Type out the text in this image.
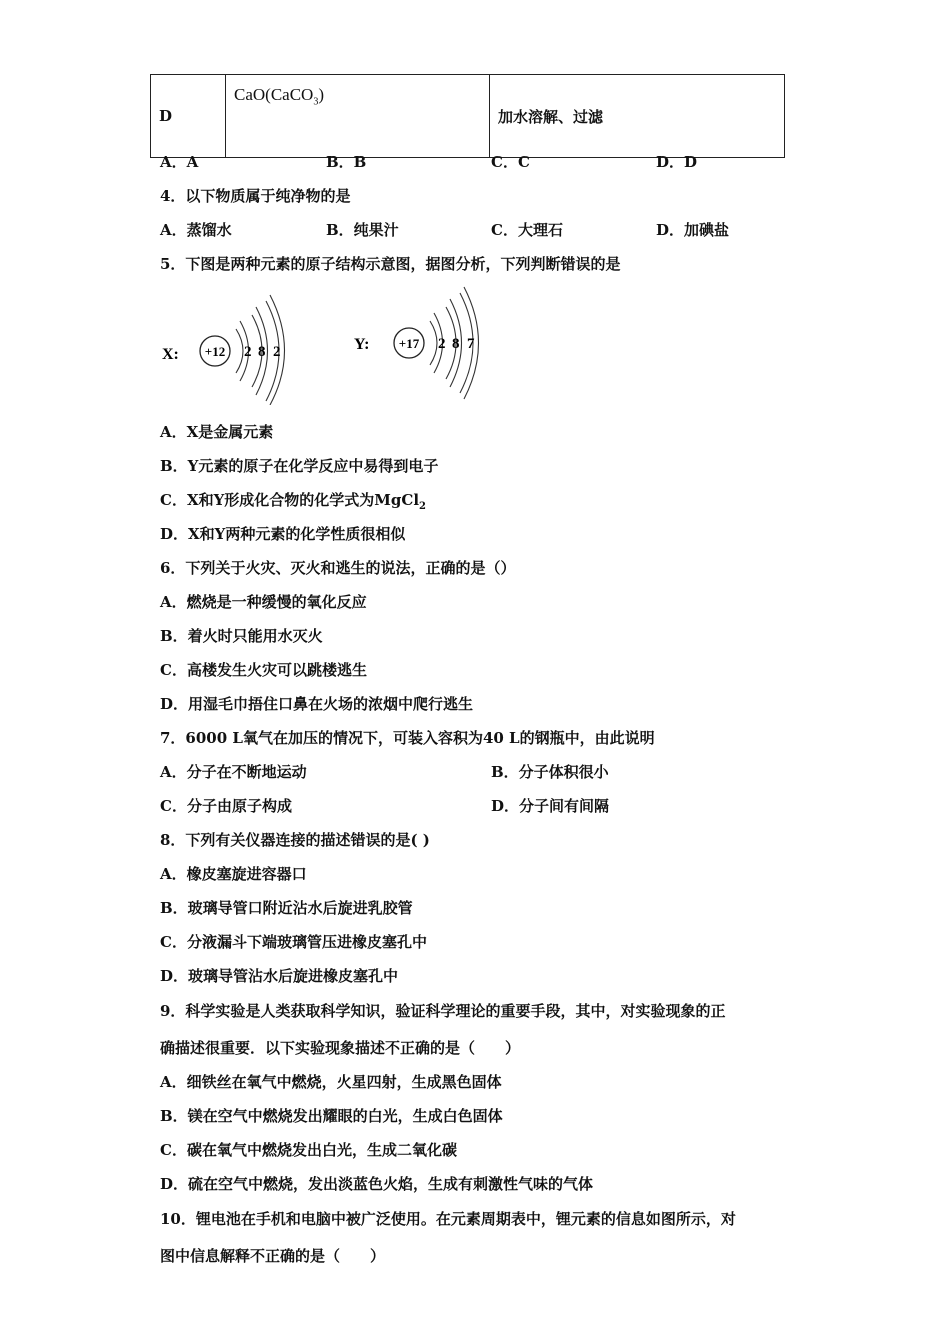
D	CaO(CaCO$_3$)	加水溶解、过滤
A．A	B．B	C．C	D．D
4．以下物质属于纯净物的是
A．蒸馏水	B．纯果汁	C．大理石	D．加碘盐
5．下图是两种元素的原子结构示意图，据图分析，下列判断错误的是
X: +12 2 8 2	Y: +17 2 8 7
A．X是金属元素
B．Y元素的原子在化学反应中易得到电子
C．X和Y形成化合物的化学式为MgCl$_2$
D．X和Y两种元素的化学性质很相似
6．下列关于火灾、灭火和逃生的说法，正确的是（）
A．燃烧是一种缓慢的氧化反应
B．着火时只能用水灭火
C．高楼发生火灾可以跳楼逃生
D．用湿毛巾捂住口鼻在火场的浓烟中爬行逃生
7．6000 L氧气在加压的情况下，可装入容积为40 L的钢瓶中，由此说明
A．分子在不断地运动	B．分子体积很小
C．分子由原子构成	D．分子间有间隔
8．下列有关仪器连接的描述错误的是( )
A．橡皮塞旋进容器口
B．玻璃导管口附近沾水后旋进乳胶管
C．分液漏斗下端玻璃管压进橡皮塞孔中
D．玻璃导管沾水后旋进橡皮塞孔中
9．科学实验是人类获取科学知识，验证科学理论的重要手段，其中，对实验现象的正
确描述很重要．以下实验现象描述不正确的是（　　）
A．细铁丝在氧气中燃烧，火星四射，生成黑色固体
B．镁在空气中燃烧发出耀眼的白光，生成白色固体
C．碳在氧气中燃烧发出白光，生成二氧化碳
D．硫在空气中燃烧，发出淡蓝色火焰，生成有刺激性气味的气体
10．锂电池在手机和电脑中被广泛使用。在元素周期表中，锂元素的信息如图所示，对
图中信息解释不正确的是（　　）
